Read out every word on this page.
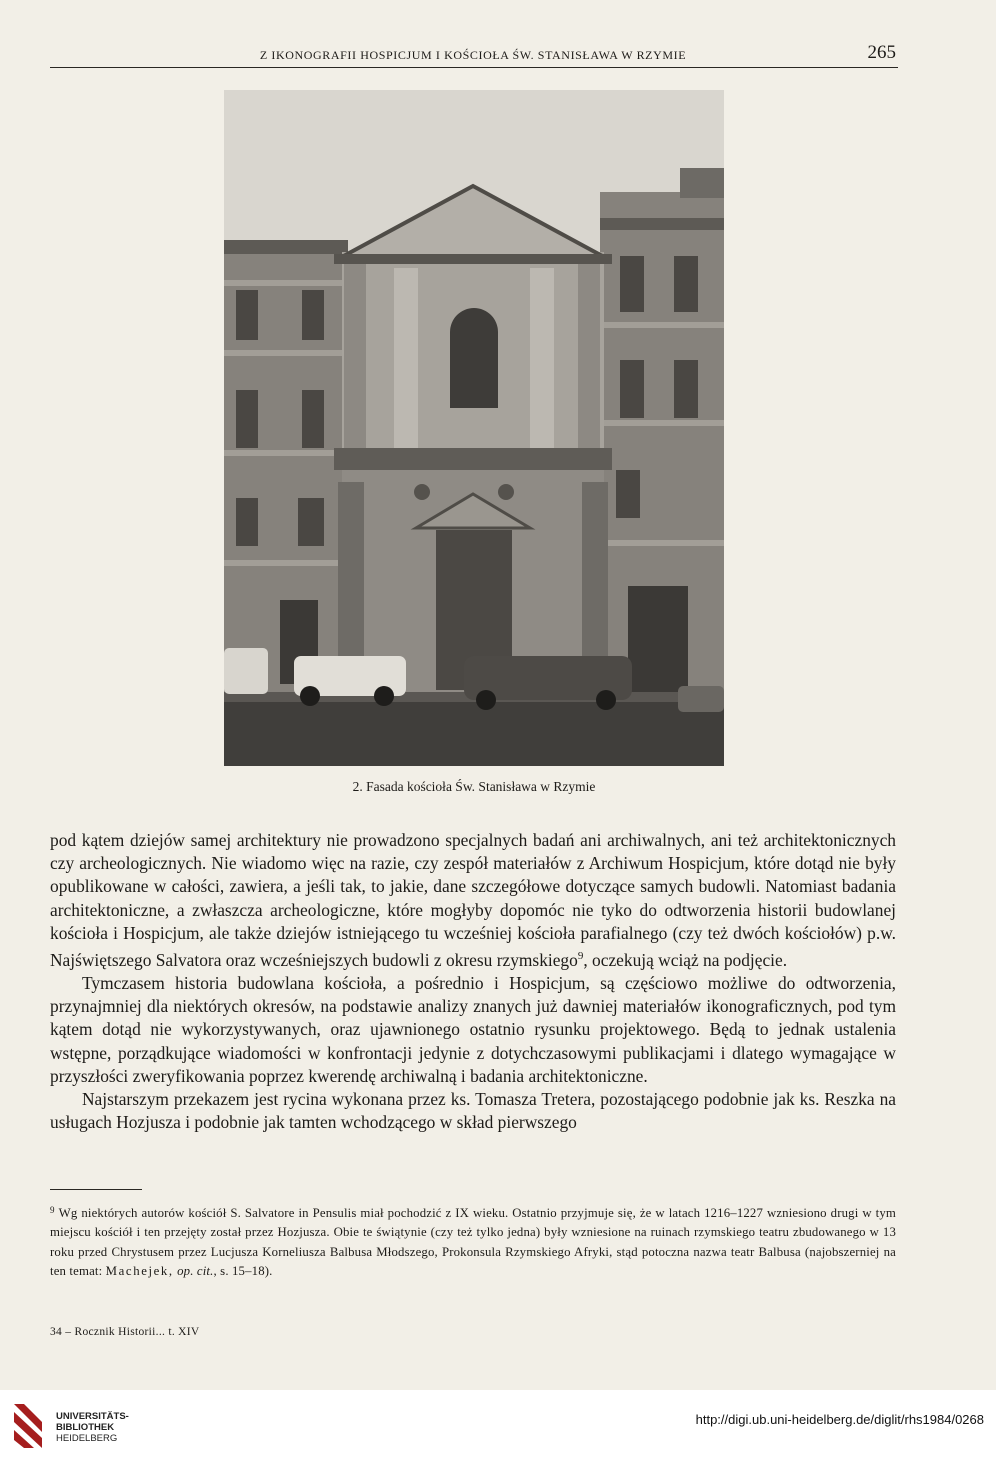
Z IKONOGRAFII HOSPICJUM I KOŚCIOŁA ŚW. STANISŁAWA W RZYMIE	265
2. Fasada kościoła Św. Stanisława w Rzymie

pod kątem dziejów samej architektury nie prowadzono specjalnych badań ani archiwalnych, ani też architektonicznych czy archeologicznych. Nie wiadomo więc na razie, czy zespół materiałów z Archiwum Hospicjum, które dotąd nie były opublikowane w całości, zawiera, a jeśli tak, to jakie, dane szczegółowe dotyczące samych budowli. Natomiast badania architektoniczne, a zwłaszcza archeologiczne, które mogłyby dopomóc nie tyko do odtworzenia historii budowlanej kościoła i Hospicjum, ale także dziejów istniejącego tu wcześniej kościoła parafialnego (czy też dwóch kościołów) p.w. Najświętszego Salvatora oraz wcześniejszych budowli z okresu rzymskiego$^9$, oczekują wciąż na podjęcie.

Tymczasem historia budowlana kościoła, a pośrednio i Hospicjum, są częściowo możliwe do odtworzenia, przynajmniej dla niektórych okresów, na podstawie analizy znanych już dawniej materiałów ikonograficznych, pod tym kątem dotąd nie wykorzystywanych, oraz ujawnionego ostatnio rysunku projektowego. Będą to jednak ustalenia wstępne, porządkujące wiadomości w konfrontacji jedynie z dotychczasowymi publikacjami i dlatego wymagające w przyszłości zweryfikowania poprzez kwerendę archiwalną i badania architektoniczne.

Najstarszym przekazem jest rycina wykonana przez ks. Tomasza Tretera, pozostającego podobnie jak ks. Reszka na usługach Hozjusza i podobnie jak tamten wchodzącego w skład pierwszego

$^9$ Wg niektórych autorów kościół S. Salvatore in Pensulis miał pochodzić z IX wieku. Ostatnio przyjmuje się, że w latach 1216–1227 wzniesiono drugi w tym miejscu kościół i ten przejęty został przez Hozjusza. Obie te świątynie (czy też tylko jedna) były wzniesione na ruinach rzymskiego teatru zbudowanego w 13 roku przed Chrystusem przez Lucjusza Korneliusza Balbusa Młodszego, Prokonsula Rzymskiego Afryki, stąd potoczna nazwa teatr Balbusa (najobszerniej na ten temat: Machejek, op. cit., s. 15–18).
34 – Rocznik Historii... t. XIV
UNIVERSITÄTS-
BIBLIOTHEK
HEIDELBERG
http://digi.ub.uni-heidelberg.de/diglit/rhs1984/0268
